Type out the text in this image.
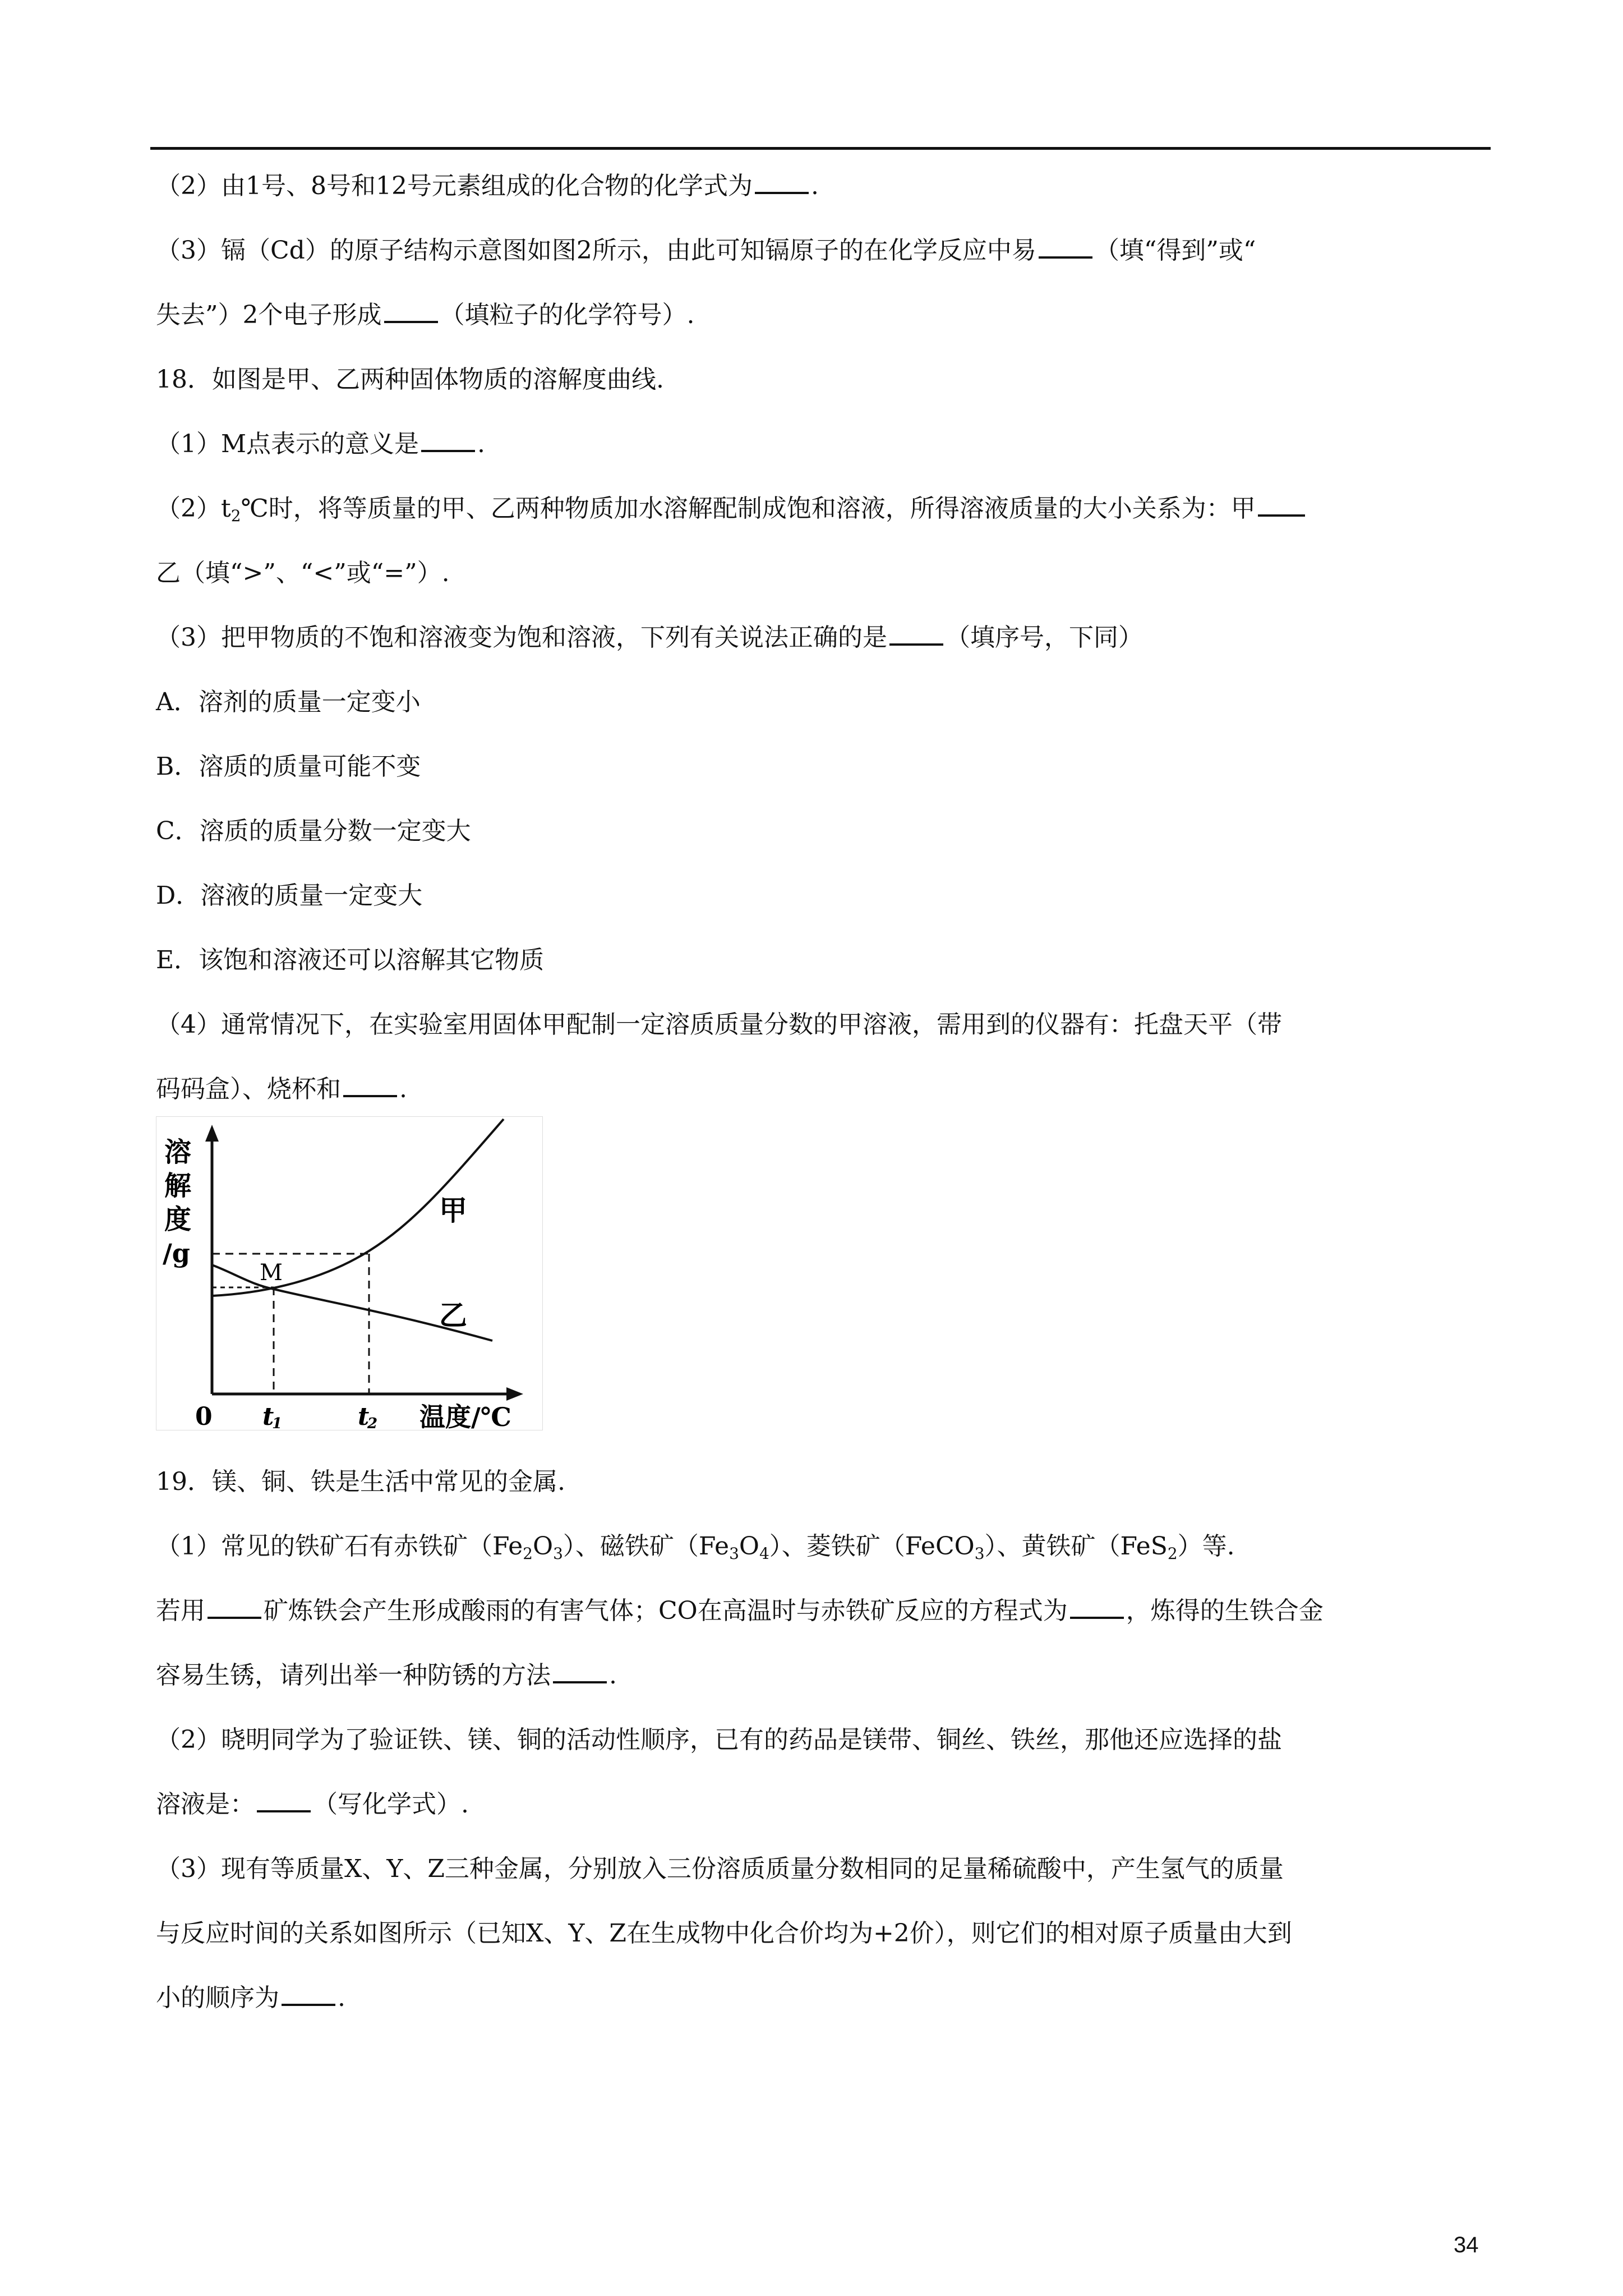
（2）由1号、8号和12号元素组成的化合物的化学式为 .
（3）镉（Cd）的原子结构示意图如图2所示，由此可知镉原子的在化学反应中易 （填“得到”或“
失去”）2个电子形成 （填粒子的化学符号）.
18．如图是甲、乙两种固体物质的溶解度曲线.
（1）M点表示的意义是 .
$(2)t_2℃$时，将等质量的甲、乙两种物质加水溶解配制成饱和溶液，所得溶液质量的大小关系为：甲
乙（填“>”、“<”或“=”）.
（3）把甲物质的不饱和溶液变为饱和溶液，下列有关说法正确的是 （填序号，下同）
A．溶剂的质量一定变小
B．溶质的质量可能不变
C．溶质的质量分数一定变大
D．溶液的质量一定变大
E．该饱和溶液还可以溶解其它物质
（4）通常情况下，在实验室用固体甲配制一定溶质质量分数的甲溶液，需用到的仪器有：托盘天平（带
码码盒）、烧杯和 .
溶
解
度
/g
M
甲
乙
0 t
1	t
2 温度/℃
19．镁、铜、铁是生活中常见的金属.
（1）常见的铁矿石有赤铁矿$(Fe_2O_3)$、磁铁矿$(Fe_3O_4)$、菱铁矿（FeCO$_3$）、黄铁矿（FeS$_2$）等.
若用 矿炼铁会产生形成酸雨的有害气体；CO在高温时与赤铁矿反应的方程式为 ，炼得的生铁合金
容易生锈，请列出举一种防锈的方法 .
（2）晓明同学为了验证铁、镁、铜的活动性顺序，已有的药品是镁带、铜丝、铁丝，那他还应选择的盐
溶液是： （写化学式）.
（3）现有等质量X、Y、Z三种金属，分别放入三份溶质质量分数相同的足量稀硫酸中，产生氢气的质量
与反应时间的关系如图所示（已知X、Y、Z在生成物中化合价均为+2价），则它们的相对原子质量由大到
小的顺序为 .
34
